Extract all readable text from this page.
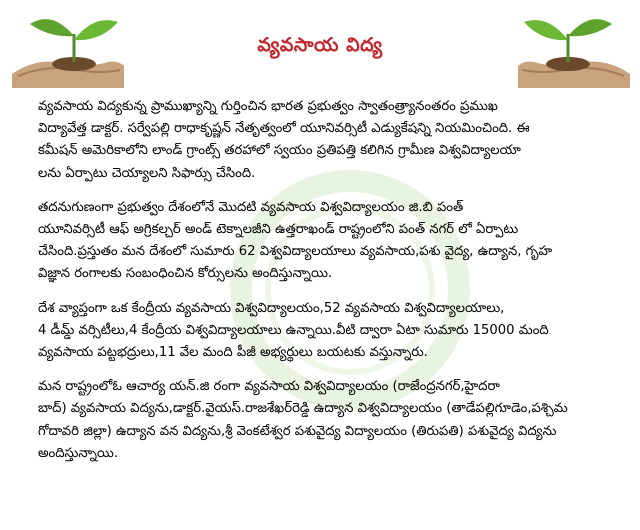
వ్యవసాయ విద్య

వ్యవసాయ విద్యకున్న ప్రాముఖ్యాన్ని గుర్తించిన భారత ప్రభుత్వం స్వాతంత్ర్యానంతరం ప్రముఖ
విద్యావేత్త డాక్టర్. సర్వేపల్లి రాధాకృష్ణన్ నేతృత్వంలో యూనివర్సిటీ ఎడ్యుకేషన్ని నియమించింది. ఈ
కమీషన్ అమెరికాలోని లాండ్ గ్రాంట్స్ తరహాలో స్వయం ప్రతిపత్తి కలిగిన గ్రామీణ విశ్వవిద్యాలయా
లను ఏర్పాటు చెయ్యాలని సిఫార్సు చేసింది.

తదనుగుణంగా ప్రభుత్వం దేశంలోనే మొదటి వ్యవసాయ విశ్వవిద్యాలయం జి.బి పంత్
యూనివర్సిటీ ఆఫ్ అగ్రికల్చర్ అండ్ టెక్నాలజీని ఉత్తరాఖండ్ రాష్ట్రంలోని పంత్ నగర్ లో ఏర్పాటు
చేసింది.ప్రస్తుతం మన దేశంలో సుమారు 62 విశ్వవిద్యాలయాలు వ్యవసాయ,పశు వైద్య, ఉద్యాన, గృహ
విజ్ఞాన రంగాలకు సంబంధించిన కోర్సులను అందిస్తున్నాయి.

దేశ వ్యాప్తంగా ఒక కేంద్రీయ వ్యవసాయ విశ్వవిద్యాలయం,52 వ్యవసాయ విశ్వవిద్యాలయాలు,
4 డీమ్డ్ వర్సిటీలు,4 కేంద్రీయ విశ్వవిద్యాలయాలు ఉన్నాయి.వీటి ద్వారా ఏటా సుమారు 15000 మంది
వ్యవసాయ పట్టభద్రులు,11 వేల మంది పీజీ అభ్యర్థులు బయటకు వస్తున్నారు.

మన రాష్ట్రంలోఓ ఆచార్య యన్.జి రంగా వ్యవసాయ విశ్వవిద్యాలయం (రాజేంద్రనగర్,హైదరా
బాద్) వ్యవసాయ విద్యను,డాక్టర్.వైయస్.రాజశేఖర్‌రెడ్డి ఉద్యాన విశ్వవిద్యాలయం (తాడేపల్లిగూడెం,పశ్చిమ
గోదావరి జిల్లా) ఉద్యాన వన విద్యను,శ్రీ వెంకటేశ్వర పశువైద్య విద్యాలయం (తిరుపతి) పశువైద్య విద్యను
అందిస్తున్నాయి.
